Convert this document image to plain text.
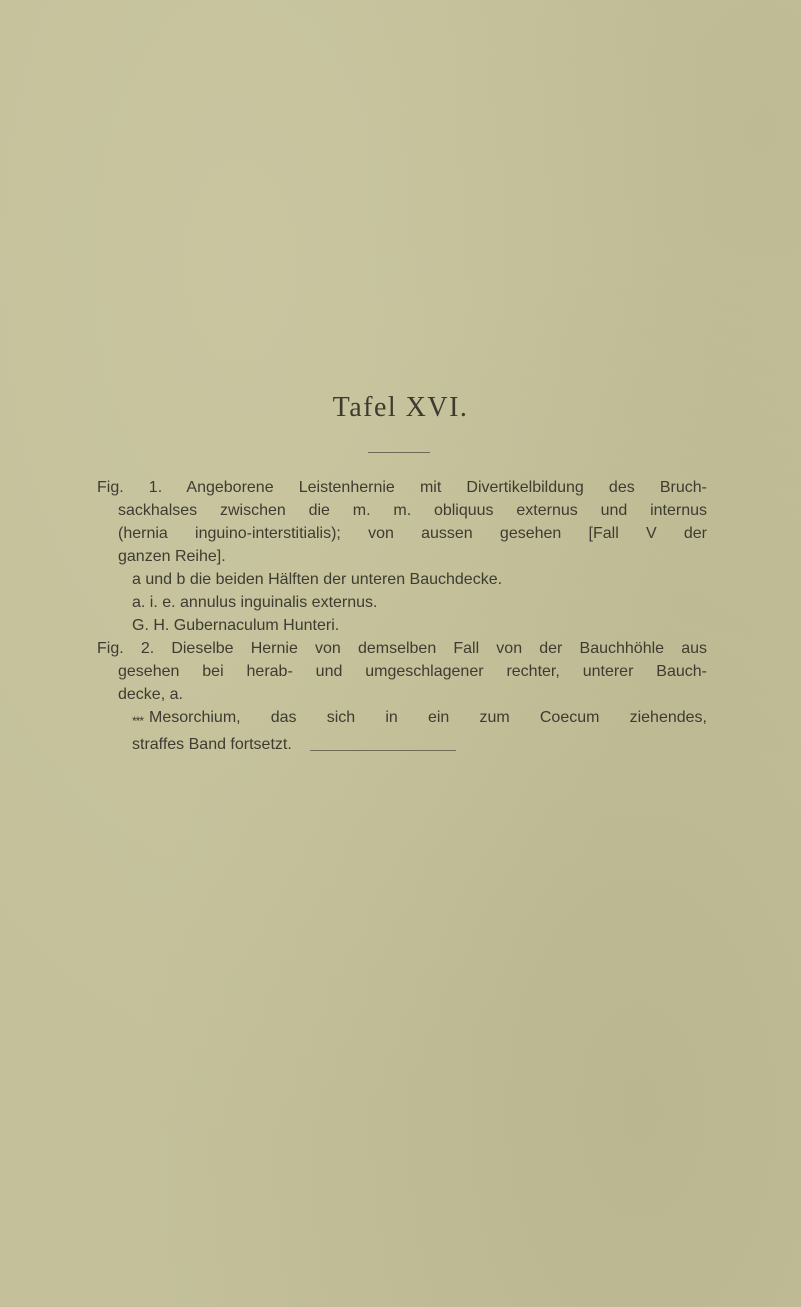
Tafel XVI.

Fig. 1. Angeborene Leistenhernie mit Divertikelbildung des Bruch-

sackhalses zwischen die m. m. obliquus externus und internus

(hernia inguino-interstitialis); von aussen gesehen [Fall V der

ganzen Reihe].

a und b die beiden Hälften der unteren Bauchdecke.

a. i. e. annulus inguinalis externus.

G. H. Gubernaculum Hunteri.

Fig. 2. Dieselbe Hernie von demselben Fall von der Bauchhöhle aus

gesehen bei herab- und umgeschlagener rechter, unterer Bauch-

decke, a.

*** Mesorchium, das sich in ein zum Coecum ziehendes,

straffes Band fortsetzt.
